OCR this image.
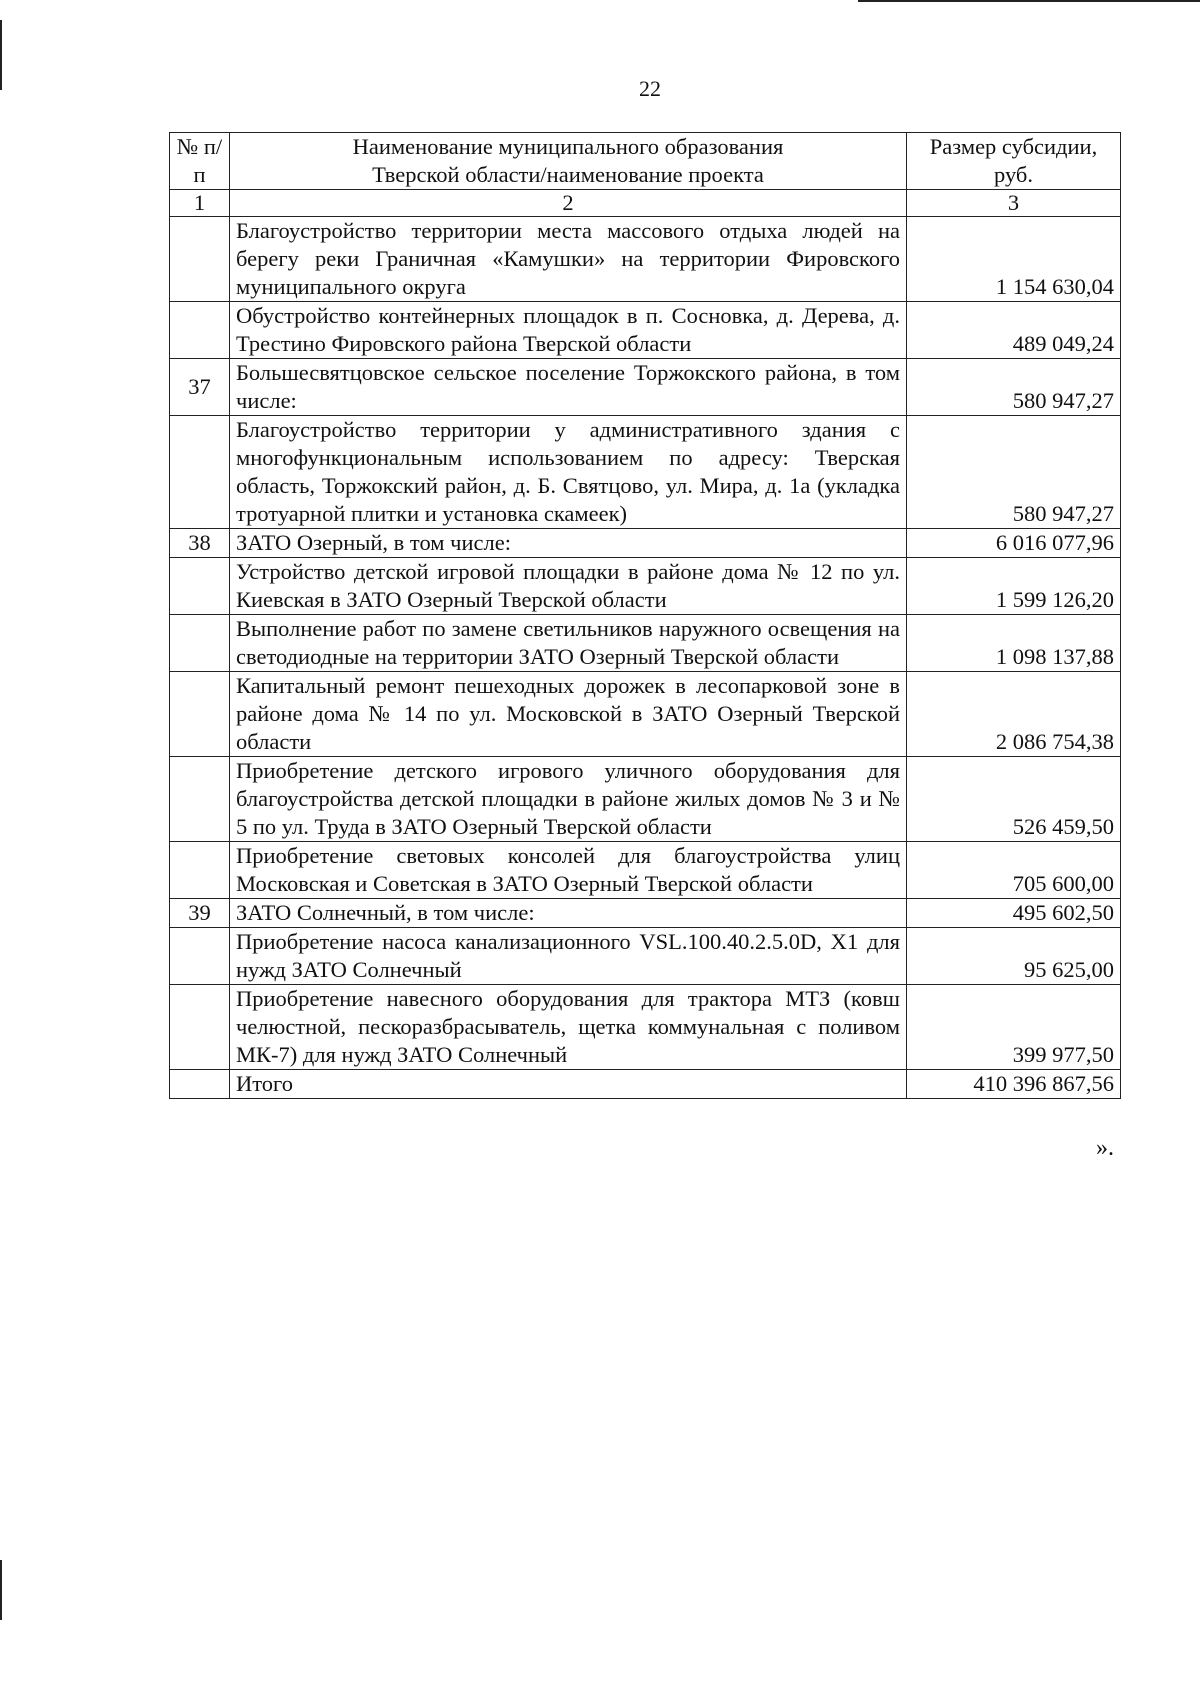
22
№ п/п	Наименование муниципального образования Тверской области/наименование проекта	Размер субсидии, руб.
1	2	3
	Благоустройство территории места массового отдыха людей на берегу реки Граничная «Камушки» на территории Фировского муниципального округа	1 154 630,04
	Обустройство контейнерных площадок в п. Сосновка, д. Дерева, д. Трестино Фировского района Тверской области	489 049,24
37	Большесвятцовское сельское поселение Торжокского района, в том числе:	580 947,27
	Благоустройство территории у административного здания с многофункциональным использованием по адресу: Тверская область, Торжокский район, д. Б. Святцово, ул. Мира, д. 1а (укладка тротуарной плитки и установка скамеек)	580 947,27
38	ЗАТО Озерный, в том числе:	6 016 077,96
	Устройство детской игровой площадки в районе дома № 12 по ул. Киевская в ЗАТО Озерный Тверской области	1 599 126,20
	Выполнение работ по замене светильников наружного освещения на светодиодные на территории ЗАТО Озерный Тверской области	1 098 137,88
	Капитальный ремонт пешеходных дорожек в лесопарковой зоне в районе дома № 14 по ул. Московской в ЗАТО Озерный Тверской области	2 086 754,38
	Приобретение детского игрового уличного оборудования для благоустройства детской площадки в районе жилых домов № 3 и № 5 по ул. Труда в ЗАТО Озерный Тверской области	526 459,50
	Приобретение световых консолей для благоустройства улиц Московская и Советская в ЗАТО Озерный Тверской области	705 600,00
39	ЗАТО Солнечный, в том числе:	495 602,50
	Приобретение насоса канализационного VSL.100.40.2.5.0D, X1 для нужд ЗАТО Солнечный	95 625,00
	Приобретение навесного оборудования для трактора МТЗ (ковш челюстной, пескоразбрасыватель, щетка коммунальная с поливом МК-7) для нужд ЗАТО Солнечный	399 977,50
	Итого	410 396 867,56
».
